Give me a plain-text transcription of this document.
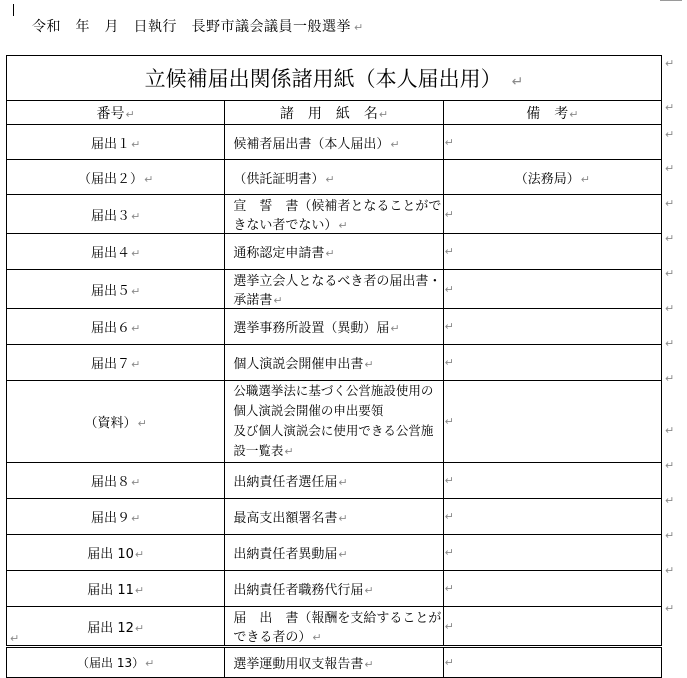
令和　年　月　日執行　長野市議会議員一般選挙 ↵
立候補届出関係諸用紙（本人届出用） ↵		
番号↵	諸　用　紙　名↵	備　考↵
届出１↵	候補者届出書（本人届出）↵	↵
（届出２）↵	（供託証明書）↵	（法務局）↵
届出３↵	宣　誓　書（候補者となることができない者でない）↵	↵
届出４↵	通称認定申請書↵	↵
届出５↵	選挙立会人となるべき者の届出書・承諾書↵	↵
届出６↵	選挙事務所設置（異動）届↵	↵
届出７↵	個人演説会開催申出書↵	↵
（資料）↵	公職選挙法に基づく公営施設使用の個人演説会開催の申出要領
及び個人演説会に使用できる公営施設一覧表↵	↵
届出８↵	出納責任者選任届↵	↵
届出９↵	最高支出額署名書↵	↵
届出 10↵	出納責任者異動届↵	↵
届出 11↵	出納責任者職務代行届↵	↵
届出 12↵	届　出　書（報酬を支給することができる者の）↵	↵
（届出 13）↵	選挙運動用収支報告書↵	↵
↵
↵
↵
↵
↵
↵
↵
↵
↵
↵
↵
↵
↵
↵
↵
↵
↵
